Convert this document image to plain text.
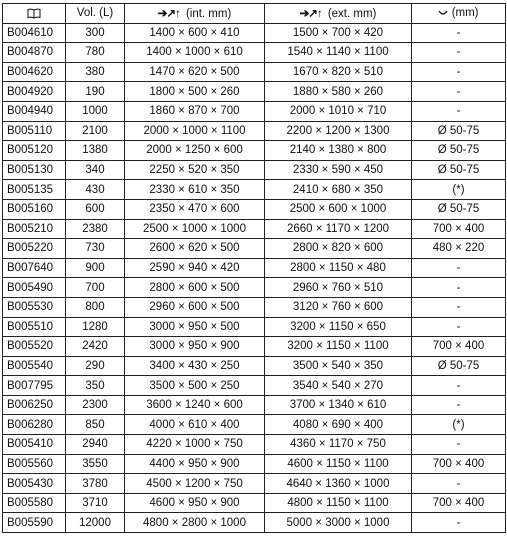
	Vol. (L)	➔↗↑ (int. mm)	➔↗↑ (ext. mm)	(mm)
B004610	300	1400 × 600 × 410	1500 × 700 × 420	-
B004870	780	1400 × 1000 × 610	1540 × 1140 × 1100	-
B004620	380	1470 × 620 × 500	1670 × 820 × 510	-
B004920	190	1800 × 500 × 260	1880 × 580 × 260	-
B004940	1000	1860 × 870 × 700	2000 × 1010 × 710	-
B005110	2100	2000 × 1000 × 1100	2200 × 1200 × 1300	Ø 50-75
B005120	1380	2000 × 1250 × 600	2140 × 1380 × 800	Ø 50-75
B005130	340	2250 × 520 × 350	2330 × 590 × 450	Ø 50-75
B005135	430	2330 × 610 × 350	2410 × 680 × 350	(*)
B005160	600	2350 × 470 × 600	2500 × 600 × 1000	Ø 50-75
B005210	2380	2500 × 1000 × 1000	2660 × 1170 × 1200	700 × 400
B005220	730	2600 × 620 × 500	2800 × 820 × 600	480 × 220
B007640	900	2590 × 940 × 420	2800 × 1150 × 480	-
B005490	700	2800 × 600 × 500	2960 × 760 × 510	-
B005530	800	2960 × 600 × 500	3120 × 760 × 600	-
B005510	1280	3000 × 950 × 500	3200 × 1150 × 650	-
B005520	2420	3000 × 950 × 900	3200 × 1150 × 1100	700 × 400
B005540	290	3400 × 430 × 250	3500 × 540 × 350	Ø 50-75
B007795	350	3500 × 500 × 250	3540 × 540 × 270	-
B006250	2300	3600 × 1240 × 600	3700 × 1340 × 610	-
B006280	850	4000 × 610 × 400	4080 × 690 × 400	(*)
B005410	2940	4220 × 1000 × 750	4360 × 1170 × 750	-
B005560	3550	4400 × 950 × 900	4600 × 1150 × 1100	700 × 400
B005430	3780	4500 × 1200 × 750	4640 × 1360 × 1000	-
B005580	3710	4600 × 950 × 900	4800 × 1150 × 1100	700 × 400
B005590	12000	4800 × 2800 × 1000	5000 × 3000 × 1000	-
